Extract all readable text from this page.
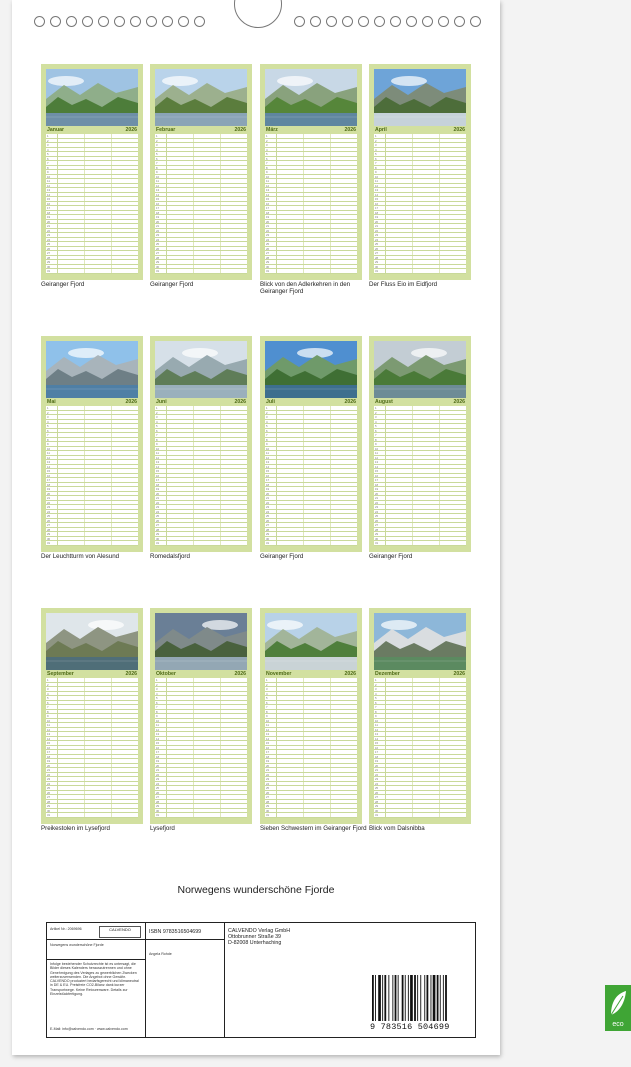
Januar	2026
1
2
3
4
5
6
7
8
9
10
11
12
13
14
15
16
17
18
19
20
21
22
23
24
25
26
27
28
29
30
31
Geiranger Fjord
Februar	2026
1
2
3
4
5
6
7
8
9
10
11
12
13
14
15
16
17
18
19
20
21
22
23
24
25
26
27
28
29
30
31
Geiranger Fjord
März	2026
1
2
3
4
5
6
7
8
9
10
11
12
13
14
15
16
17
18
19
20
21
22
23
24
25
26
27
28
29
30
31
Blick von den Adlerkehren in den Geiranger Fjord
April	2026
1
2
3
4
5
6
7
8
9
10
11
12
13
14
15
16
17
18
19
20
21
22
23
24
25
26
27
28
29
30
31
Der Fluss Eio im Eidfjord
Mai	2026
1
2
3
4
5
6
7
8
9
10
11
12
13
14
15
16
17
18
19
20
21
22
23
24
25
26
27
28
29
30
31
Der Leuchtturm von Alesund
Juni	2026
1
2
3
4
5
6
7
8
9
10
11
12
13
14
15
16
17
18
19
20
21
22
23
24
25
26
27
28
29
30
31
Romedalsfjord
Juli	2026
1
2
3
4
5
6
7
8
9
10
11
12
13
14
15
16
17
18
19
20
21
22
23
24
25
26
27
28
29
30
31
Geiranger Fjord
August	2026
1
2
3
4
5
6
7
8
9
10
11
12
13
14
15
16
17
18
19
20
21
22
23
24
25
26
27
28
29
30
31
Geiranger Fjord
September	2026
1
2
3
4
5
6
7
8
9
10
11
12
13
14
15
16
17
18
19
20
21
22
23
24
25
26
27
28
29
30
31
Preikestolen im Lysefjord
Oktober	2026
1
2
3
4
5
6
7
8
9
10
11
12
13
14
15
16
17
18
19
20
21
22
23
24
25
26
27
28
29
30
31
Lysefjord
November	2026
1
2
3
4
5
6
7
8
9
10
11
12
13
14
15
16
17
18
19
20
21
22
23
24
25
26
27
28
29
30
31
Sieben Schwestern im Geiranger Fjord
Dezember	2026
1
2
3
4
5
6
7
8
9
10
11
12
13
14
15
16
17
18
19
20
21
22
23
24
25
26
27
28
29
30
31
Blick vom Dalsnibba
Norwegens wunderschöne Fjorde
Artikel Nr.: 2069696	CALVENDO
Norwegens wunderschöne Fjorde
Infolge bestehender Schutzrechte ist es untersagt, die Bilder dieses Kalenders herauszutrennen und ohne Genehmigung des Verlages zu gewerblichen Zwecken weiterzuverwenden. Die Angebot ohne Gewähr. CALVENDO produziert bedarfsgerecht und klimaneutral in DE & EU. Preisfreie CO2-Bilanz dank kurzer Transportwege. Keine Retourenware. Details zur Einzelstückfertigung.
E-Mail: info@calvendo.com · www.calvendo.com
ISBN 9783516504699
Angela Rohde
CALVENDO Verlag GmbH
Ottobrunner Straße 39
D-82008 Unterhaching
9 783516 504699	eco
